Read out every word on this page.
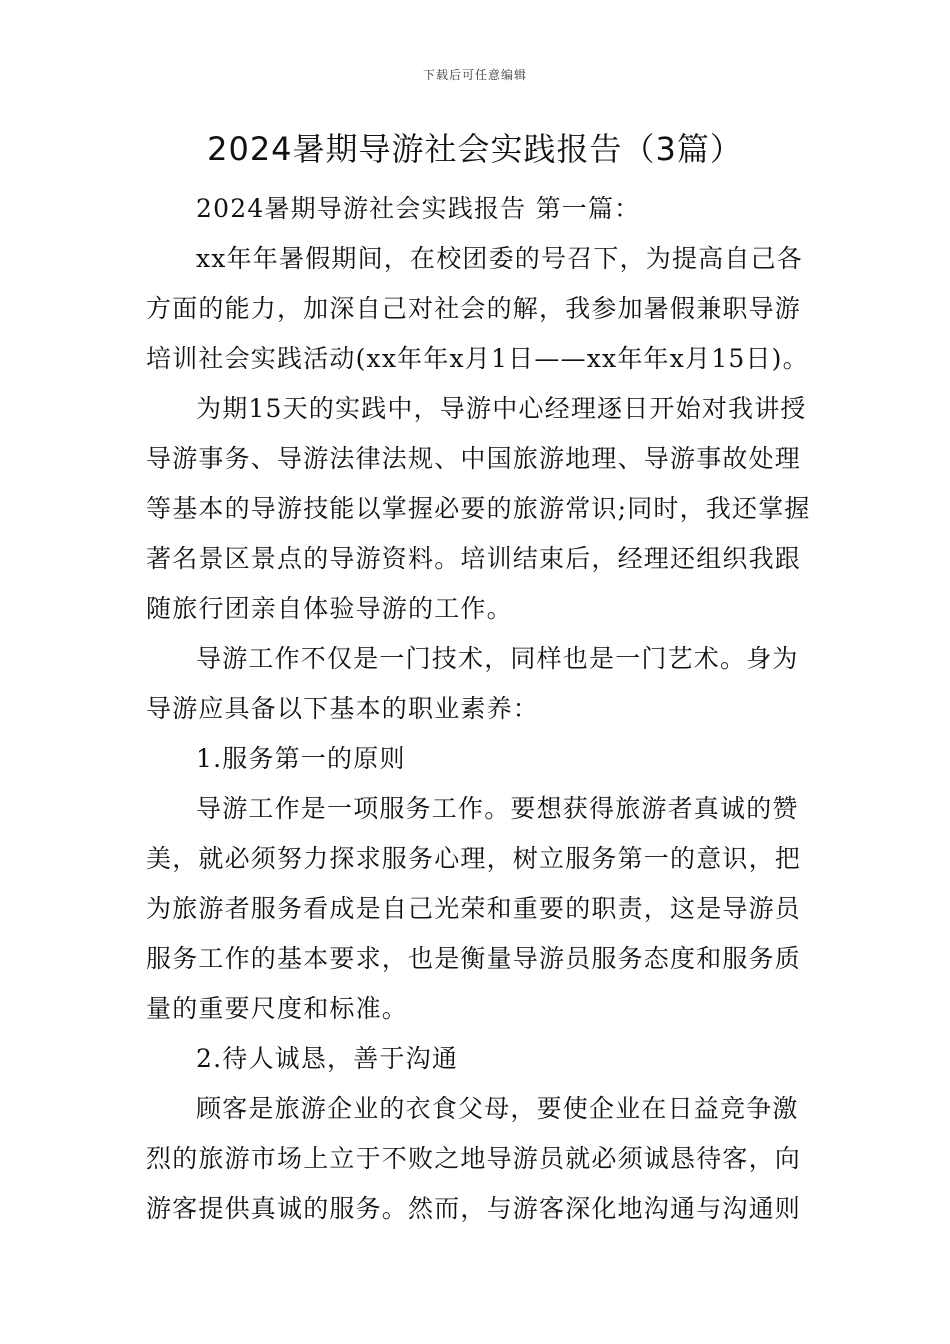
下载后可任意编辑
2024暑期导游社会实践报告（3篇）
2024暑期导游社会实践报告 第一篇：
xx年年暑假期间，在校团委的号召下，为提高自己各
方面的能力，加深自己对社会的解，我参加暑假兼职导游
培训社会实践活动(xx年年x月1日——xx年年x月15日)。
为期15天的实践中，导游中心经理逐日开始对我讲授
导游事务、导游法律法规、中国旅游地理、导游事故处理
等基本的导游技能以掌握必要的旅游常识;同时，我还掌握
著名景区景点的导游资料。培训结束后，经理还组织我跟
随旅行团亲自体验导游的工作。
导游工作不仅是一门技术，同样也是一门艺术。身为
导游应具备以下基本的职业素养：
1.服务第一的原则
导游工作是一项服务工作。要想获得旅游者真诚的赞
美，就必须努力探求服务心理，树立服务第一的意识，把
为旅游者服务看成是自己光荣和重要的职责，这是导游员
服务工作的基本要求，也是衡量导游员服务态度和服务质
量的重要尺度和标准。
2.待人诚恳，善于沟通
顾客是旅游企业的衣食父母，要使企业在日益竞争激
烈的旅游市场上立于不败之地导游员就必须诚恳待客，向
游客提供真诚的服务。然而，与游客深化地沟通与沟通则
